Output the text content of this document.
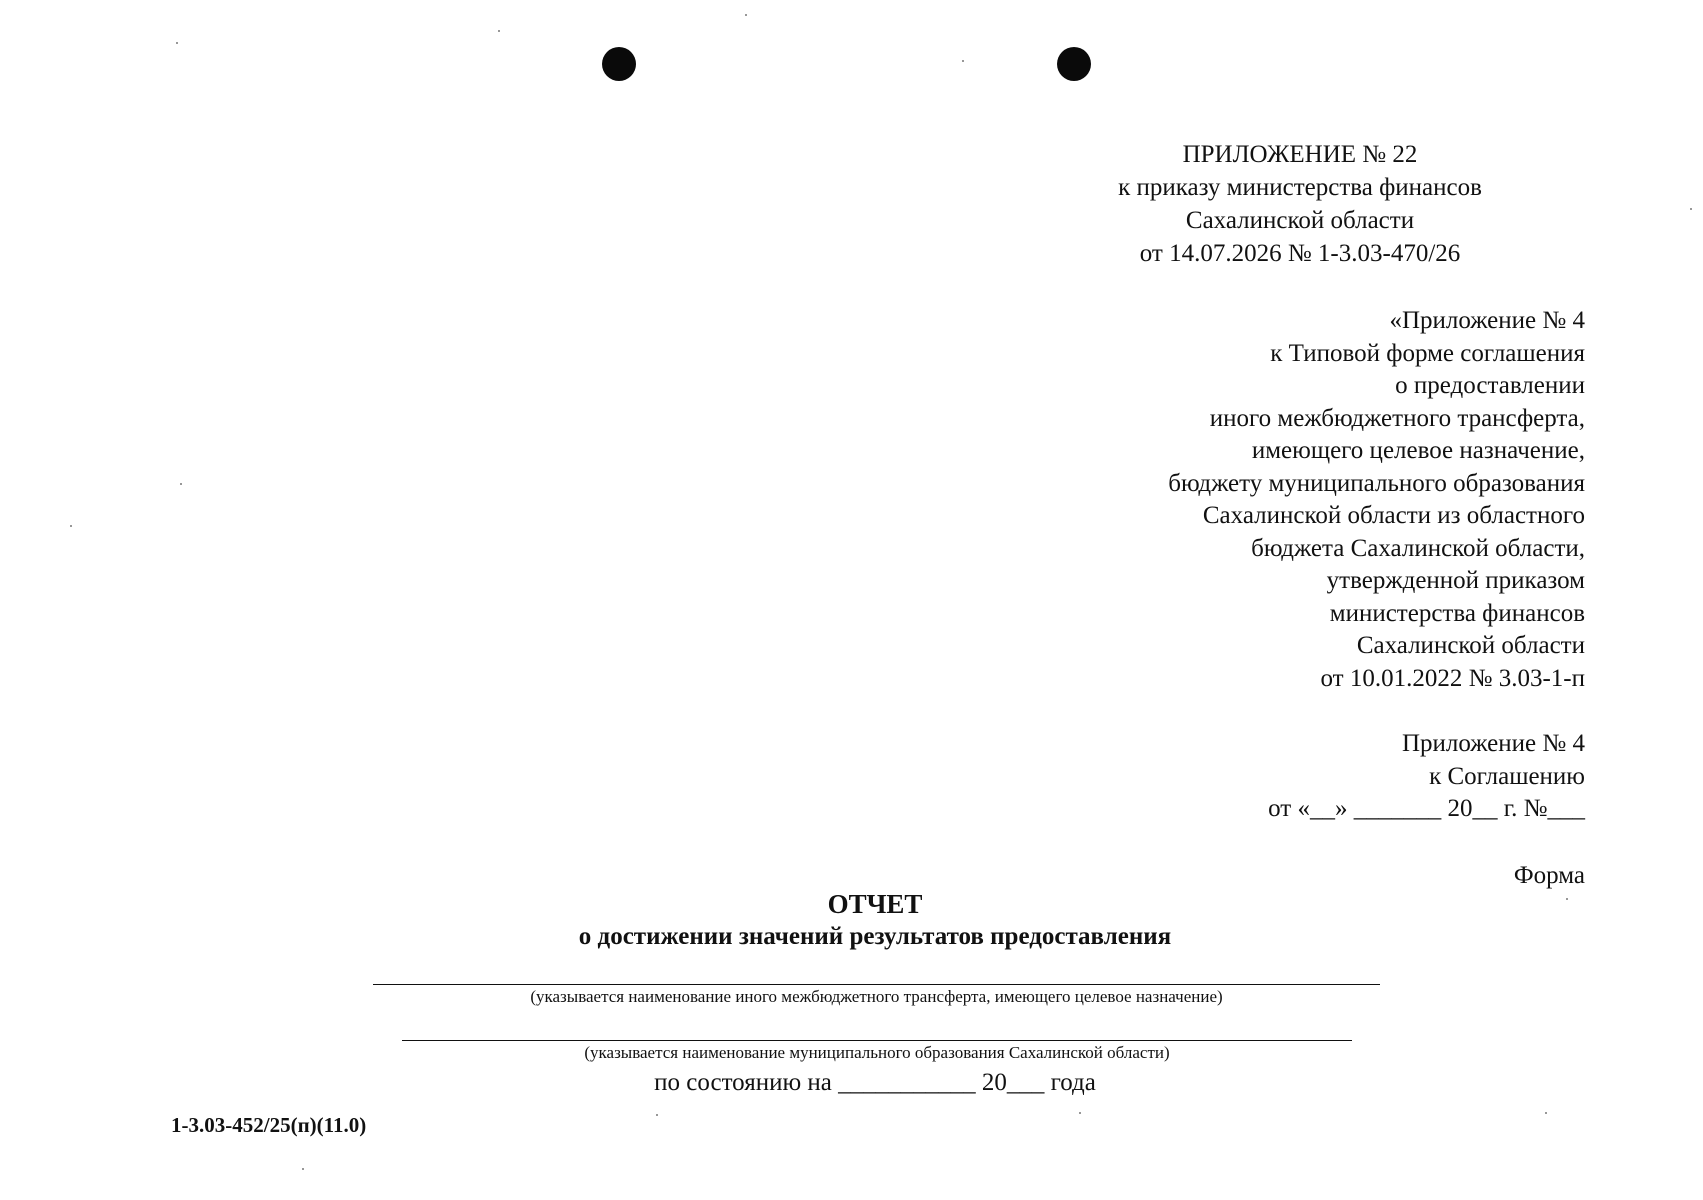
ПРИЛОЖЕНИЕ № 22
к приказу министерства финансов
Сахалинской области
от 14.07.2026 № 1-3.03-470/26
«Приложение № 4
к Типовой форме соглашения
о предоставлении
иного межбюджетного трансферта,
имеющего целевое назначение,
бюджету муниципального образования
Сахалинской области из областного
бюджета Сахалинской области,
утвержденной приказом
министерства финансов
Сахалинской области
от 10.01.2022 № 3.03-1-п
Приложение № 4
к Соглашению
от «__» _______ 20__ г. №___
Форма
ОТЧЕТ
о достижении значений результатов предоставления
(указывается наименование иного межбюджетного трансферта, имеющего целевое назначение)
(указывается наименование муниципального образования Сахалинской области)
по состоянию на ___________ 20___ года
1-3.03-452/25(п)(11.0)
